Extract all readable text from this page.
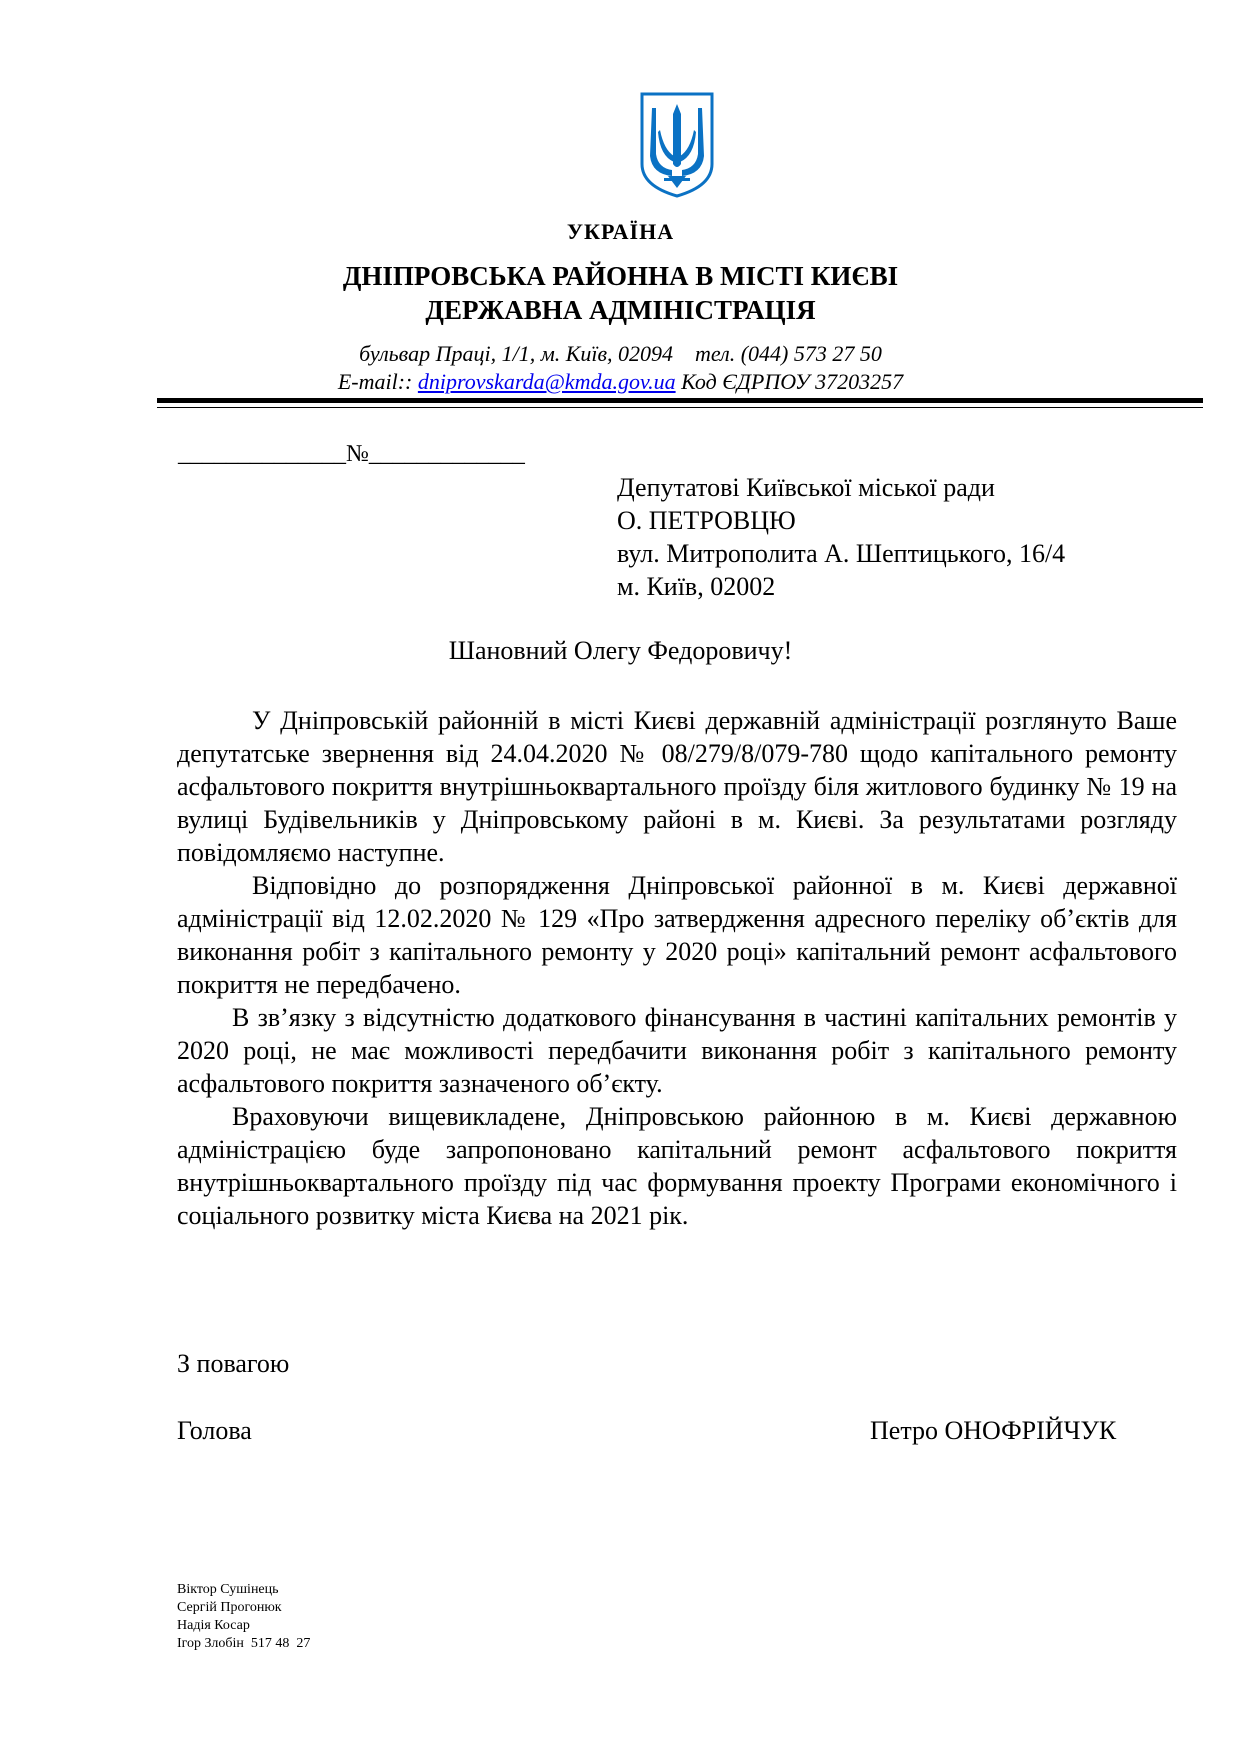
УКРАЇНА
ДНІПРОВСЬКА РАЙОННА В МІСТІ КИЄВІ
ДЕРЖАВНА АДМІНІСТРАЦІЯ
бульвар Праці, 1/1, м. Київ, 02094    тел. (044) 573 27 50
E-mail:: dniprovskarda@kmda.gov.ua Код ЄДРПОУ 37203257
______________№_____________
Депутатові Київської міської ради
О. ПЕТРОВЦЮ
вул. Митрополита А. Шептицького, 16/4
м. Київ, 02002
Шановний Олегу Федоровичу!

У Дніпровській районній в місті Києві державній адміністрації розглянуто Ваше депутатське звернення від 24.04.2020 № 08/279/8/079-780 щодо капітального ремонту асфальтового покриття внутрішньоквартального проїзду біля житлового будинку № 19 на вулиці Будівельників у Дніпровському районі в м. Києві. За результатами розгляду повідомляємо наступне.

Відповідно до розпорядження Дніпровської районної в м. Києві державної адміністрації від 12.02.2020 № 129 «Про затвердження адресного переліку об’єктів для виконання робіт з капітального ремонту у 2020 році» капітальний ремонт асфальтового покриття не передбачено.

В зв’язку з відсутністю додаткового фінансування в частині капітальних ремонтів у 2020 році, не має можливості передбачити виконання робіт з капітального ремонту асфальтового покриття зазначеного об’єкту.

Враховуючи вищевикладене, Дніпровською районною в м. Києві державною адміністрацією буде запропоновано капітальний ремонт асфальтового покриття внутрішньоквартального проїзду під час формування проекту Програми економічного і соціального розвитку міста Києва на 2021 рік.

З повагою
Голова	Петро ОНОФРІЙЧУК
Віктор Сушінець
Сергій Прогонюк
Надія Косар
Ігор Злобін  517 48  27
